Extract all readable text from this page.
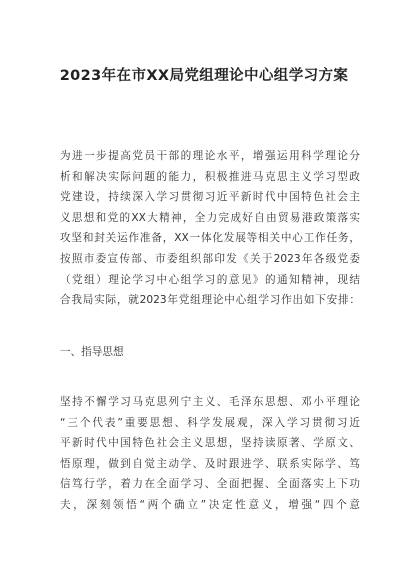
2023年在市XX局党组理论中心组学习方案
为进一步提高党员干部的理论水平，增强运用科学理论分
析和解决实际问题的能力，积极推进马克思主义学习型政
党建设，持续深入学习贯彻习近平新时代中国特色社会主
义思想和党的XX大精神，全力完成好自由贸易港政策落实
攻坚和封关运作准备，XX一体化发展等相关中心工作任务，
按照市委宣传部、市委组织部印发《关于2023年各级党委
（党组）理论学习中心组学习的意见》的通知精神，现结
合我局实际，就2023年党组理论中心组学习作出如下安排：
一、指导思想
坚持不懈学习马克思列宁主义、毛泽东思想、邓小平理论
“三个代表”重要思想、科学发展观，深入学习贯彻习近
平新时代中国特色社会主义思想，坚持读原著、学原文、
悟原理，做到自觉主动学、及时跟进学、联系实际学、笃
信笃行学，着力在全面学习、全面把握、全面落实上下功
夫，深刻领悟“两个确立”决定性意义，增强“四个意
